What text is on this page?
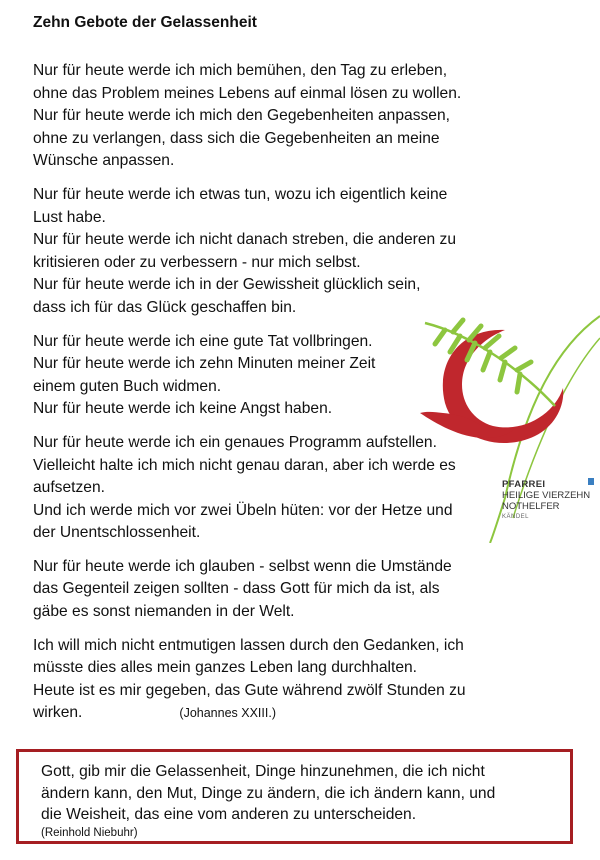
Zehn Gebote der Gelassenheit

Nur für heute werde ich mich bemühen, den Tag zu erleben,
ohne das Problem meines Lebens auf einmal lösen zu wollen.
Nur für heute werde ich mich den Gegebenheiten anpassen,
ohne zu verlangen, dass sich die Gegebenheiten an meine
Wünsche anpassen.

Nur für heute werde ich etwas tun, wozu ich eigentlich keine
Lust habe.
Nur für heute werde ich nicht danach streben, die anderen zu
kritisieren oder zu verbessern - nur mich selbst.
Nur für heute werde ich in der Gewissheit glücklich sein,
dass ich für das Glück geschaffen bin.

Nur für heute werde ich eine gute Tat vollbringen.
Nur für heute werde ich zehn Minuten meiner Zeit
einem guten Buch widmen.
Nur für heute werde ich keine Angst haben.

Nur für heute werde ich ein genaues Programm aufstellen.
Vielleicht halte ich mich nicht genau daran, aber ich werde es
aufsetzen.
Und ich werde mich vor zwei Übeln hüten: vor der Hetze und
der Unentschlossenheit.

Nur für heute werde ich glauben - selbst wenn die Umstände
das Gegenteil zeigen sollten - dass Gott für mich da ist, als
gäbe es sonst niemanden in der Welt.

Ich will mich nicht entmutigen lassen durch den Gedanken, ich
müsste dies alles mein ganzes Leben lang durchhalten.
Heute ist es mir gegeben, das Gute während zwölf Stunden zu
wirken.	(Johannes XXIII.)

PFARREI
HEILIGE VIERZEHN
NOTHELFER
KÄNDEL

Gott, gib mir die Gelassenheit, Dinge hinzunehmen, die ich nicht
ändern kann, den Mut, Dinge zu ändern, die ich ändern kann, und
die Weisheit, das eine vom anderen zu unterscheiden.

(Reinhold Niebuhr)
